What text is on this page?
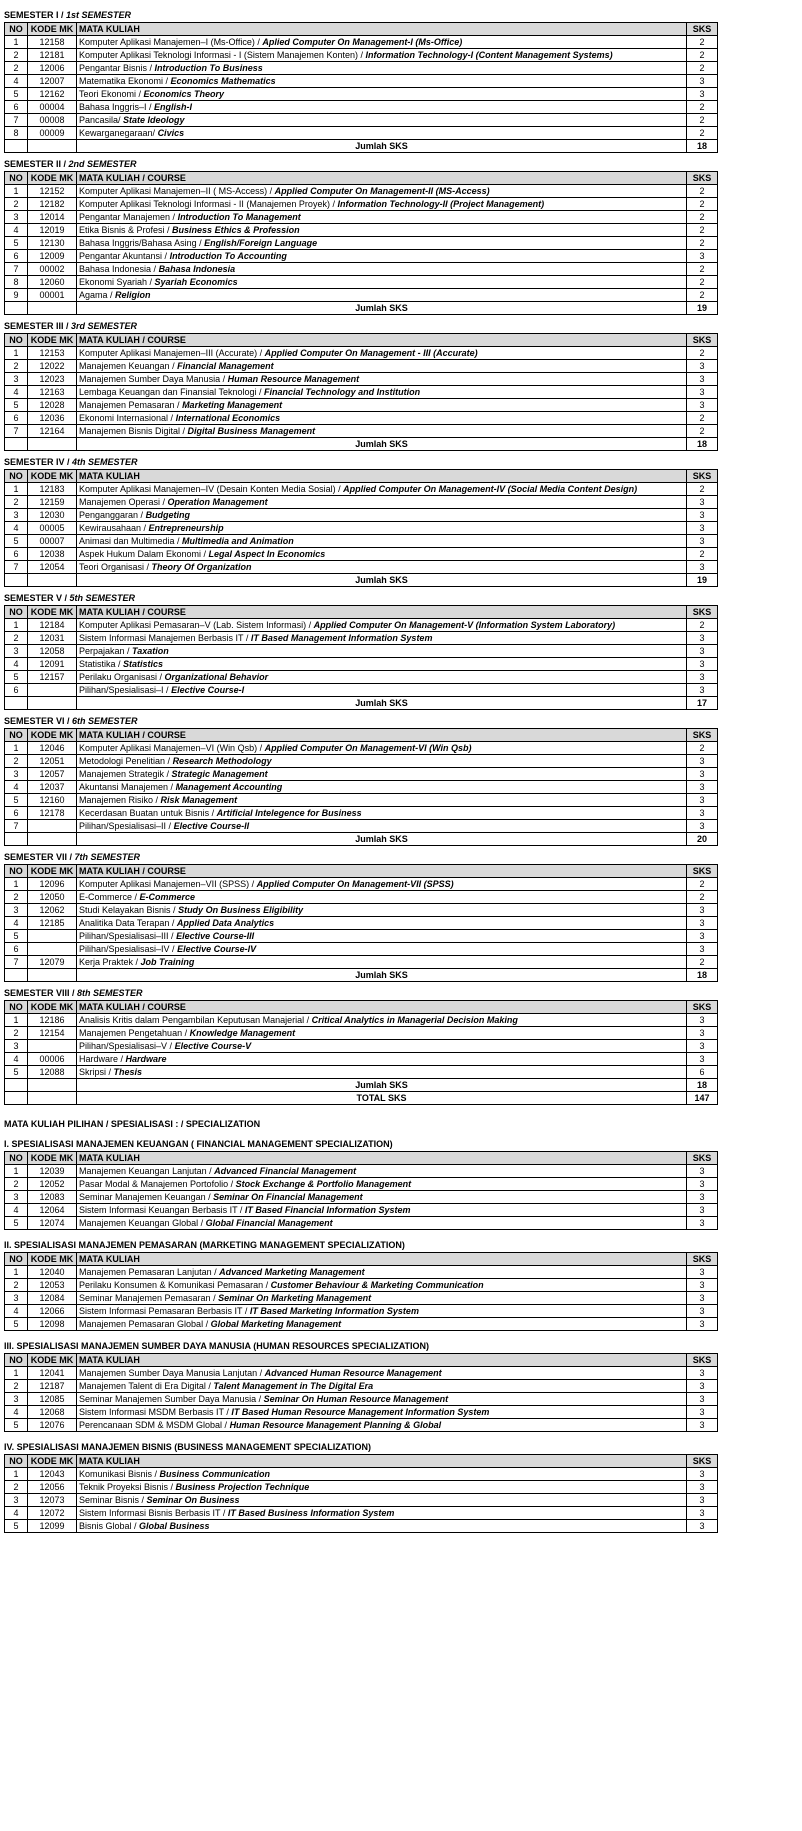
SEMESTER I / 1st SEMESTER
NO	KODE MK	MATA KULIAH	SKS
1	12158	Komputer Aplikasi Manajemen–I (Ms-Office) / Aplied Computer On Management-I (Ms-Office)	2
2	12181	Komputer Aplikasi Teknologi Informasi - I (Sistem Manajemen Konten) / Information Technology-I (Content Management Systems)	2
2	12006	Pengantar Bisnis / Introduction To Business	2
4	12007	Matematika Ekonomi / Economics Mathematics	3
5	12162	Teori Ekonomi / Economics Theory	3
6	00004	Bahasa Inggris–I / English-I	2
7	00008	Pancasila/ State Ideology	2
8	00009	Kewarganegaraan/ Civics	2
		Jumlah SKS	18
SEMESTER II / 2nd SEMESTER
NO	KODE MK	MATA KULIAH / COURSE	SKS
1	12152	Komputer Aplikasi Manajemen–II ( MS-Access) / Applied Computer On Management-II (MS-Access)	2
2	12182	Komputer Aplikasi Teknologi Informasi - II (Manajemen Proyek) / Information Technology-II (Project Management)	2
3	12014	Pengantar Manajemen / Introduction To Management	2
4	12019	Etika Bisnis & Profesi / Business Ethics & Profession	2
5	12130	Bahasa Inggris/Bahasa Asing / English/Foreign Language	2
6	12009	Pengantar Akuntansi / Introduction To Accounting	3
7	00002	Bahasa Indonesia / Bahasa Indonesia	2
8	12060	Ekonomi Syariah / Syariah Economics	2
9	00001	Agama / Religion	2
		Jumlah SKS	19
SEMESTER III / 3rd SEMESTER
NO	KODE MK	MATA KULIAH / COURSE	SKS
1	12153	Komputer Aplikasi Manajemen–III (Accurate) / Applied Computer On Management - III (Accurate)	2
2	12022	Manajemen Keuangan / Financial Management	3
3	12023	Manajemen Sumber Daya Manusia / Human Resource Management	3
4	12163	Lembaga Keuangan dan Finansial Teknologi / Financial Technology and Institution	3
5	12028	Manajemen Pemasaran / Marketing Management	3
6	12036	Ekonomi Internasional / International Economics	2
7	12164	Manajemen Bisnis Digital / Digital Business Management	2
		Jumlah SKS	18
SEMESTER IV / 4th SEMESTER
NO	KODE MK	MATA KULIAH	SKS
1	12183	Komputer Aplikasi Manajemen–IV (Desain Konten Media Sosial) / Applied Computer On Management-IV (Social Media Content Design)	2
2	12159	Manajemen Operasi / Operation Management	3
3	12030	Penganggaran / Budgeting	3
4	00005	Kewirausahaan / Entrepreneurship	3
5	00007	Animasi dan Multimedia / Multimedia and Animation	3
6	12038	Aspek Hukum Dalam Ekonomi / Legal Aspect In Economics	2
7	12054	Teori Organisasi / Theory Of Organization	3
		Jumlah SKS	19
SEMESTER V / 5th SEMESTER
NO	KODE MK	MATA KULIAH / COURSE	SKS
1	12184	Komputer Aplikasi Pemasaran–V (Lab. Sistem Informasi) / Applied Computer On Management-V (Information System Laboratory)	2
2	12031	Sistem Informasi Manajemen Berbasis IT / IT Based Management Information System	3
3	12058	Perpajakan / Taxation	3
4	12091	Statistika / Statistics	3
5	12157	Perilaku Organisasi / Organizational Behavior	3
6		Pilihan/Spesialisasi–I / Elective Course-I	3
		Jumlah SKS	17
SEMESTER VI / 6th SEMESTER
NO	KODE MK	MATA KULIAH / COURSE	SKS
1	12046	Komputer Aplikasi Manajemen–VI (Win Qsb) / Applied Computer On Management-VI (Win Qsb)	2
2	12051	Metodologi Penelitian / Research Methodology	3
3	12057	Manajemen Strategik / Strategic Management	3
4	12037	Akuntansi Manajemen / Management Accounting	3
5	12160	Manajemen Risiko / Risk Management	3
6	12178	Kecerdasan Buatan untuk Bisnis / Artificial Intelegence for Business	3
7		Pilihan/Spesialisasi–II / Elective Course-II	3
		Jumlah SKS	20
SEMESTER VII / 7th SEMESTER
NO	KODE MK	MATA KULIAH / COURSE	SKS
1	12096	Komputer Aplikasi Manajemen–VII (SPSS) / Applied Computer On Management-VII (SPSS)	2
2	12050	E-Commerce / E-Commerce	2
3	12062	Studi Kelayakan Bisnis / Study On Business Eligibility	3
4	12185	Analitika Data Terapan / Applied Data Analytics	3
5		Pilihan/Spesialisasi–III / Elective Course-III	3
6		Pilihan/Spesialisasi–IV / Elective Course-IV	3
7	12079	Kerja Praktek / Job Training	2
		Jumlah SKS	18
SEMESTER VIII / 8th SEMESTER
NO	KODE MK	MATA KULIAH / COURSE	SKS
1	12186	Analisis Kritis dalam Pengambilan Keputusan Manajerial / Critical Analytics in Managerial Decision Making	3
2	12154	Manajemen Pengetahuan / Knowledge Management	3
3		Pilihan/Spesialisasi–V / Elective Course-V	3
4	00006	Hardware / Hardware	3
5	12088	Skripsi / Thesis	6
		Jumlah SKS	18
		TOTAL SKS	147
MATA KULIAH PILIHAN / SPESIALISASI : / SPECIALIZATION
I. SPESIALISASI MANAJEMEN KEUANGAN ( FINANCIAL MANAGEMENT SPECIALIZATION)
NO	KODE MK	MATA KULIAH	SKS
1	12039	Manajemen Keuangan Lanjutan / Advanced Financial Management	3
2	12052	Pasar Modal & Manajemen Portofolio / Stock Exchange & Portfolio Management	3
3	12083	Seminar Manajemen Keuangan / Seminar On Financial Management	3
4	12064	Sistem Informasi Keuangan Berbasis IT / IT Based Financial Information System	3
5	12074	Manajemen Keuangan Global / Global Financial Management	3
II. SPESIALISASI MANAJEMEN PEMASARAN (MARKETING MANAGEMENT SPECIALIZATION)
NO	KODE MK	MATA KULIAH	SKS
1	12040	Manajemen Pemasaran Lanjutan / Advanced Marketing Management	3
2	12053	Perilaku Konsumen & Komunikasi Pemasaran / Customer Behaviour & Marketing Communication	3
3	12084	Seminar Manajemen Pemasaran / Seminar On Marketing Management	3
4	12066	Sistem Informasi Pemasaran Berbasis IT / IT Based Marketing Information System	3
5	12098	Manajemen Pemasaran Global / Global Marketing Management	3
III. SPESIALISASI MANAJEMEN SUMBER DAYA MANUSIA (HUMAN RESOURCES SPECIALIZATION)
NO	KODE MK	MATA KULIAH	SKS
1	12041	Manajemen Sumber Daya Manusia Lanjutan / Advanced Human Resource Management	3
2	12187	Manajemen Talent di Era Digital / Talent Management in The Digital Era	3
3	12085	Seminar Manajemen Sumber Daya Manusia / Seminar On Human Resource Management	3
4	12068	Sistem Informasi MSDM Berbasis IT / IT Based Human Resource Management Information System	3
5	12076	Perencanaan SDM & MSDM Global / Human Resource Management Planning & Global	3
IV. SPESIALISASI MANAJEMEN BISNIS (BUSINESS MANAGEMENT SPECIALIZATION)
NO	KODE MK	MATA KULIAH	SKS
1	12043	Komunikasi Bisnis / Business Communication	3
2	12056	Teknik Proyeksi Bisnis / Business Projection Technique	3
3	12073	Seminar Bisnis / Seminar On Business	3
4	12072	Sistem Informasi Bisnis Berbasis IT / IT Based Business Information System	3
5	12099	Bisnis Global / Global Business	3
